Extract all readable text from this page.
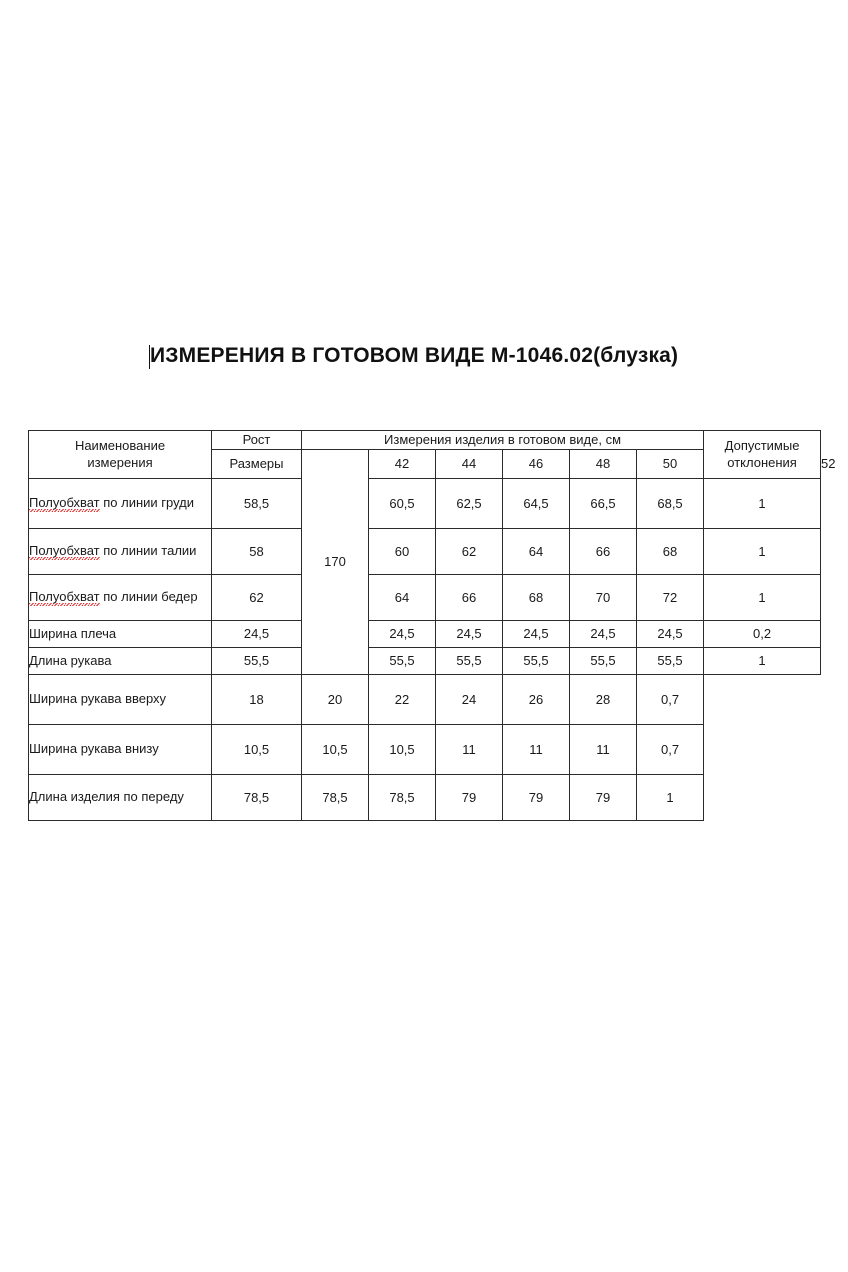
ИЗМЕРЕНИЯ В ГОТОВОМ ВИДЕ М-1046.02(блузка)
Наименование
измерения
	Рост	Измерения изделия в готовом виде, см	Допустимые
отклонения

	Размеры	170	42	44	46	48	50		52
Полуобхват по линии груди	58,5		60,5	62,5	64,5	66,5	68,5	1	
Полуобхват по линии талии	58		60	62	64	66	68	1	
Полуобхват по линии бедер	62		64	66	68	70	72	1	
Ширина плеча	24,5		24,5	24,5	24,5	24,5	24,5	0,2	
Длина рукава	55,5		55,5	55,5	55,5	55,5	55,5	1	
Ширина рукава вверху	18	20	22	24	26	28	0,7		
Ширина рукава внизу	10,5	10,5	10,5	11	11	11	0,7		
Длина изделия по переду	78,5	78,5	78,5	79	79	79	1		
